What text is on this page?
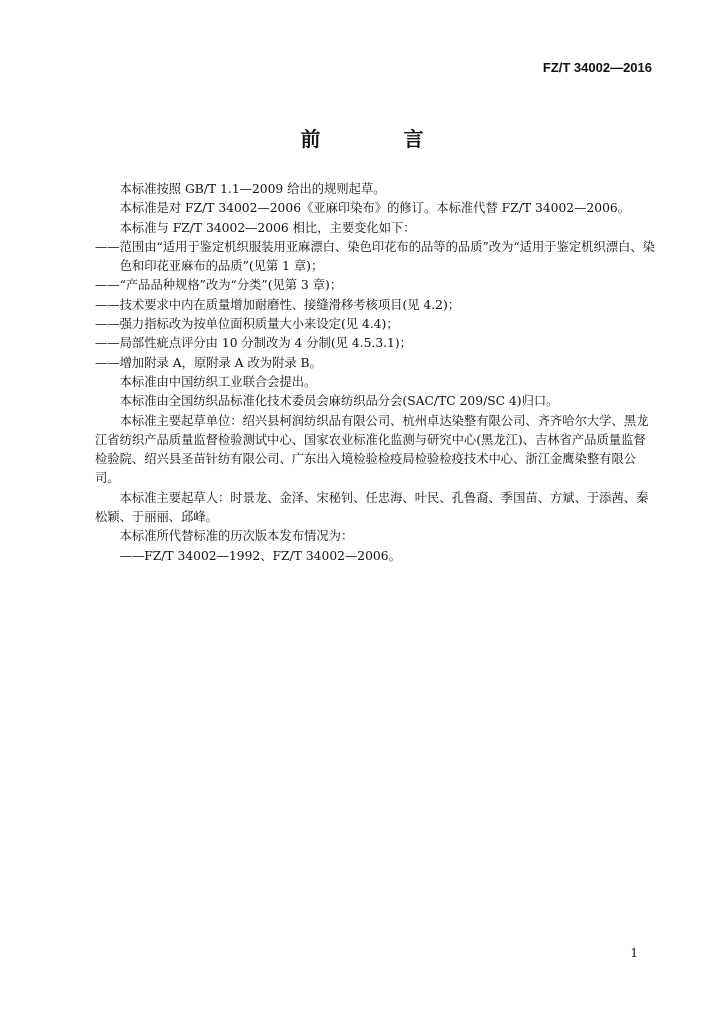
FZ/T 34002—2016
前 言

本标准按照 GB/T 1.1—2009 给出的规则起草。

本标准是对 FZ/T 34002—2006《亚麻印染布》的修订。本标准代替 FZ/T 34002—2006。

本标准与 FZ/T 34002—2006 相比，主要变化如下：

——范围由“适用于鉴定机织服装用亚麻漂白、染色印花布的品等的品质”改为“适用于鉴定机织漂白、染色和印花亚麻布的品质”(见第 1 章)；

——“产品品种规格”改为“分类”(见第 3 章)；

——技术要求中内在质量增加耐磨性、接缝滑移考核项目(见 4.2)；

——强力指标改为按单位面积质量大小来设定(见 4.4)；

——局部性疵点评分由 10 分制改为 4 分制(见 4.5.3.1)；

——增加附录 A，原附录 A 改为附录 B。

本标准由中国纺织工业联合会提出。

本标准由全国纺织品标准化技术委员会麻纺织品分会(SAC/TC 209/SC 4)归口。

本标准主要起草单位：绍兴县柯润纺织品有限公司、杭州卓达染整有限公司、齐齐哈尔大学、黑龙江省纺织产品质量监督检验测试中心、国家农业标准化监测与研究中心(黑龙江)、吉林省产品质量监督检验院、绍兴县圣苗针纺有限公司、广东出入境检验检疫局检验检疫技术中心、浙江金鹰染整有限公司。

本标准主要起草人：时景龙、金泽、宋秘钊、任忠海、叶民、孔鲁裔、季国苗、方斌、于添茜、秦松颖、于丽丽、邱峰。

本标准所代替标准的历次版本发布情况为：

——FZ/T 34002—1992、FZ/T 34002—2006。

1
